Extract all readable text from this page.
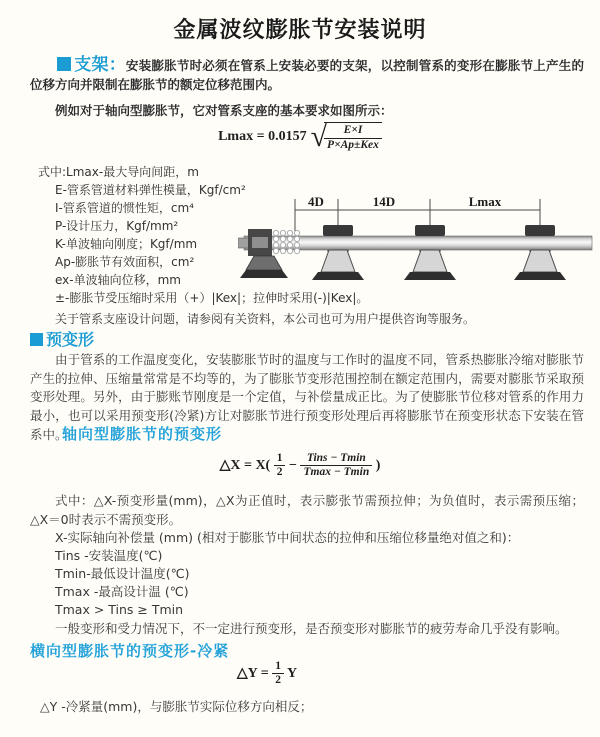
金属波纹膨胀节安装说明
支架：安装膨胀节时必须在管系上安装必要的支架，以控制管系的变形在膨胀节上产生的位移方向并限制在膨胀节的额定位移范围内。
例如对于轴向型膨胀节，它对管系支座的基本要求如图所示：
Lmax = 0.0157 √
$\frac{E\times I}{\text{P×Ap±Kex}}$
式中:Lmax-最大导向间距，m
E-管系管道材料弹性模量，Kgf/cm²
I-管系管道的惯性矩，cm⁴
P-设计压力，Kgf/mm²
K-单波轴向刚度；Kgf/mm
Ap-膨胀节有效面积，cm²
ex-单波轴向位移，mm
±-膨胀节受压缩时采用（+）|Kex|；拉伸时采用(-)|Kex|。
关于管系支座设计问题，请参阅有关资料，本公司也可为用户提供咨询等服务。
4D	14D	Lmax
预变形
由于管系的工作温度变化，安装膨胀节时的温度与工作时的温度不同，管系热膨胀冷缩对膨胀节产生的拉伸、压缩量常常是不均等的，为了膨胀节变形范围控制在额定范围内，需要对膨胀节采取预变形处理。另外，由于膨账节刚度是一个定值，与补偿量成正比。为了使膨胀节位移对管系的作用力最小，也可以采用预变形(冷紧)方让对膨胀节进行预变形处理后再将膨胀节在预变形状态下安装在管系中。
轴向型膨胀节的预变形
△X = $X( \frac{1}{2} - \frac{\text{Tins − Tmin}}{Tmax - Tmin}$ )
式中：△X-预变形量(mm)，△X为正值时，表示膨张节需预拉伸；为负值时，表示需预压缩；△X＝0时表示不需预变形。
X-实际轴向补偿量 (mm) (相对于膨胀节中间状态的拉伸和压缩位移量绝对值之和)：
Tins -安装温度(℃)
Tmin-最低设计温度(℃)
Tmax -最高设计温 (℃)
Tmax > Tins ≥ Tmin
一般变形和受力情况下，不一定进行预变形，是否预变形对膨胀节的疲劳寿命几乎没有影响。
横向型膨胀节的预变形-冷紧
△Y = $\frac{1}{2}$ Y
△Y -冷紧量(mm)，与膨胀节实际位移方向相反；
